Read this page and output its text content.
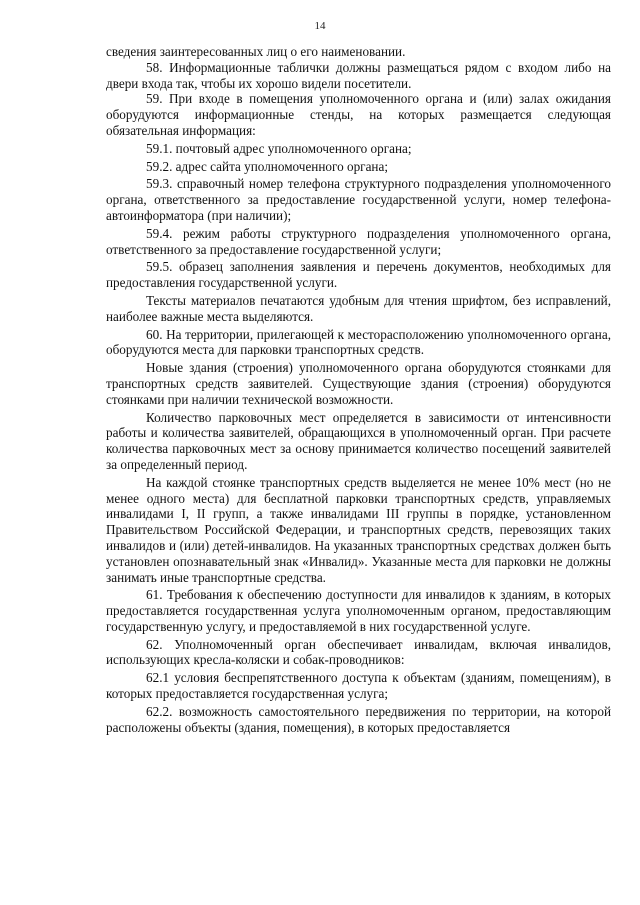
14

сведения заинтересованных лиц о его наименовании.

58. Информационные таблички должны размещаться рядом с входом либо на двери входа так, чтобы их хорошо видели посетители.

59. При входе в помещения уполномоченного органа и (или) залах ожидания оборудуются информационные стенды, на которых размещается следующая обязательная информация:

59.1. почтовый адрес уполномоченного органа;

59.2. адрес сайта уполномоченного органа;

59.3. справочный номер телефона структурного подразделения уполномоченного органа, ответственного за предоставление государственной услуги, номер телефона-автоинформатора (при наличии);

59.4. режим работы структурного подразделения уполномоченного органа, ответственного за предоставление государственной услуги;

59.5. образец заполнения заявления и перечень документов, необходимых для предоставления государственной услуги.

Тексты материалов печатаются удобным для чтения шрифтом, без исправлений, наиболее важные места выделяются.

60. На территории, прилегающей к месторасположению уполномоченного органа, оборудуются места для парковки транспортных средств.

Новые здания (строения) уполномоченного органа оборудуются стоянками для транспортных средств заявителей. Существующие здания (строения) оборудуются стоянками при наличии технической возможности.

Количество парковочных мест определяется в зависимости от интенсивности работы и количества заявителей, обращающихся в уполномоченный орган. При расчете количества парковочных мест за основу принимается количество посещений заявителей за определенный период.

На каждой стоянке транспортных средств выделяется не менее 10% мест (но не менее одного места) для бесплатной парковки транспортных средств, управляемых инвалидами I, II групп, а также инвалидами III группы в порядке, установленном Правительством Российской Федерации, и транспортных средств, перевозящих таких инвалидов и (или) детей-инвалидов. На указанных транспортных средствах должен быть установлен опознавательный знак «Инвалид». Указанные места для парковки не должны занимать иные транспортные средства.

61. Требования к обеспечению доступности для инвалидов к зданиям, в которых предоставляется государственная услуга уполномоченным органом, предоставляющим государственную услугу, и предоставляемой в них государственной услуге.

62. Уполномоченный орган обеспечивает инвалидам, включая инвалидов, использующих кресла-коляски и собак-проводников:

62.1 условия беспрепятственного доступа к объектам (зданиям, помещениям), в которых предоставляется государственная услуга;

62.2. возможность самостоятельного передвижения по территории, на которой расположены объекты (здания, помещения), в которых предоставляется
